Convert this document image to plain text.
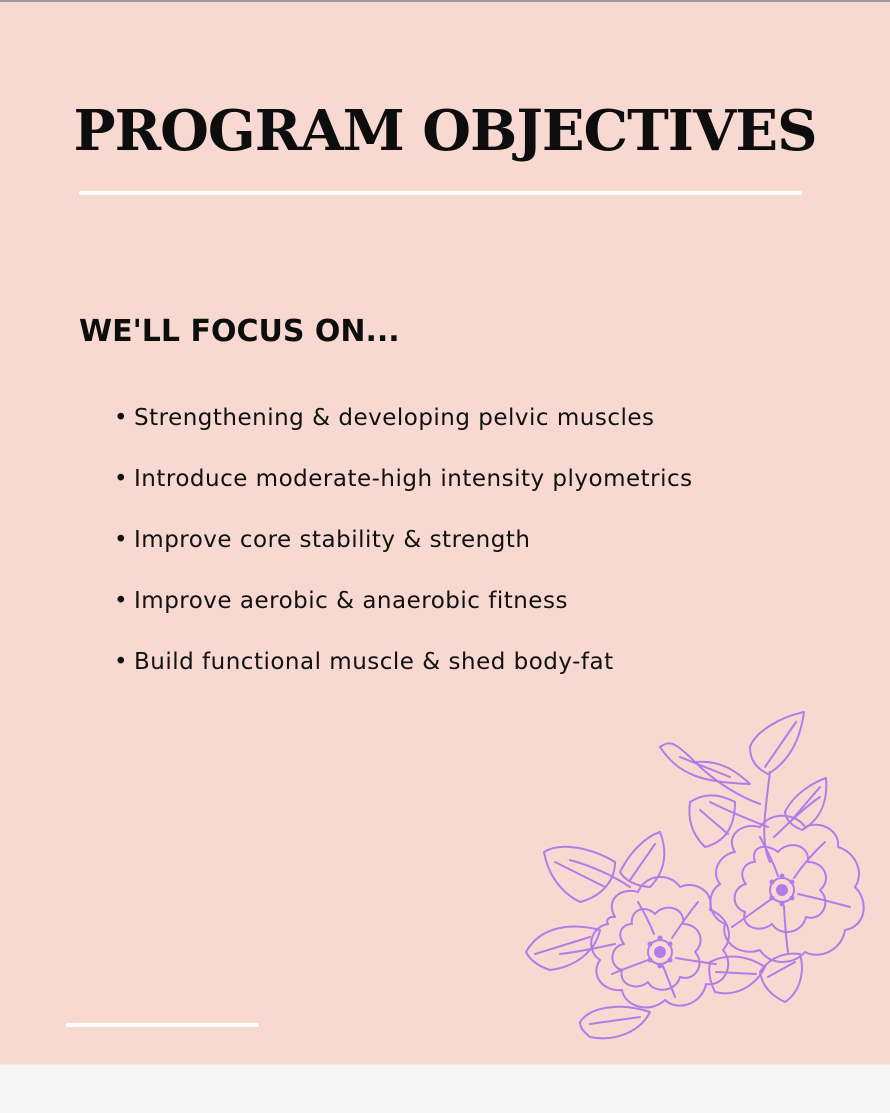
PROGRAM OBJECTIVES
WE'LL FOCUS ON...
• Strengthening & developing pelvic muscles
• Introduce moderate-high intensity plyometrics
• Improve core stability & strength
• Improve aerobic & anaerobic fitness
• Build functional muscle & shed body-fat
